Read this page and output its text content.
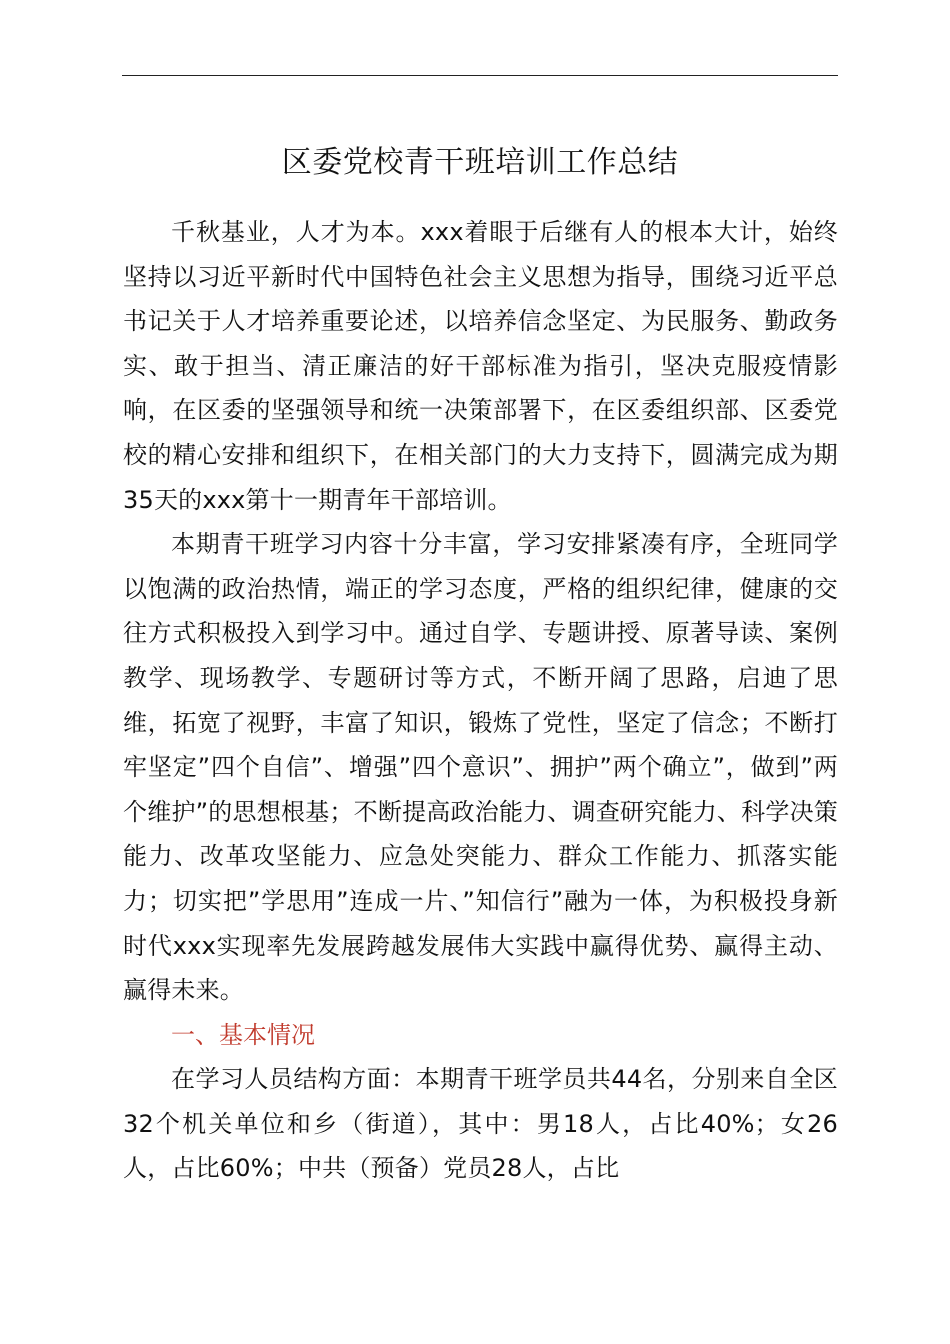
区委党校青干班培训工作总结

千秋基业，人才为本。xxx着眼于后继有人的根本大计，始终坚持以习近平新时代中国特色社会主义思想为指导，围绕习近平总书记关于人才培养重要论述，以培养信念坚定、为民服务、勤政务实、敢于担当、清正廉洁的好干部标准为指引，坚决克服疫情影响，在区委的坚强领导和统一决策部署下，在区委组织部、区委党校的精心安排和组织下，在相关部门的大力支持下，圆满完成为期35天的xxx第十一期青年干部培训。

本期青干班学习内容十分丰富，学习安排紧凑有序，全班同学以饱满的政治热情，端正的学习态度，严格的组织纪律，健康的交往方式积极投入到学习中。通过自学、专题讲授、原著导读、案例教学、现场教学、专题研讨等方式，不断开阔了思路，启迪了思维，拓宽了视野，丰富了知识，锻炼了党性，坚定了信念；不断打牢坚定”四个自信”、增强”四个意识”、拥护”两个确立”，做到”两个维护”的思想根基；不断提高政治能力、调查研究能力、科学决策能力、改革攻坚能力、应急处突能力、群众工作能力、抓落实能力；切实把”学思用”连成一片、”知信行”融为一体，为积极投身新时代xxx实现率先发展跨越发展伟大实践中赢得优势、赢得主动、赢得未来。

一、基本情况

在学习人员结构方面：本期青干班学员共44名，分别来自全区32个机关单位和乡（街道），其中：男18人，占比40%；女26人，占比60%；中共（预备）党员28人，占比
